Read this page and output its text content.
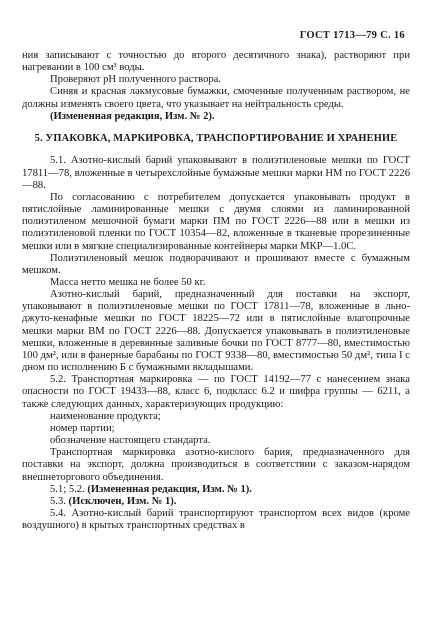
ГОСТ 1713—79 С. 16

ния записывают с точностью до второго десятичного знака), растворяют при нагревании в 100 см³ воды.

Проверяют pH полученного раствора.

Синяя и красная лакмусовые бумажки, смоченные полученным раствором, не должны изменять своего цвета, что указывает на нейтральность среды.

(Измененная редакция, Изм. № 2).

5. УПАКОВКА, МАРКИРОВКА, ТРАНСПОРТИРОВАНИЕ И ХРАНЕНИЕ

5.1. Азотно-кислый барий упаковывают в полиэтиленовые мешки по ГОСТ 17811—78, вложенные в четырехслойные бумажные мешки марки НМ по ГОСТ 2226—88.

По согласованию с потребителем допускается упаковывать продукт в пятислойные ламинированные мешки с двумя слоями из ламинированной полиэтиленом мешочной бумаги марки ПМ по ГОСТ 2226—88 или в мешки из полиэтиленовой пленки по ГОСТ 10354—82, вложенные в тканевые прорезиненные мешки или в мягкие специализированные контейнеры марки МКР—1.0С.

Полиэтиленовый мешок подворачивают и прошивают вместе с бумажным мешком.

Масса нетто мешка не более 50 кг.

Азотно-кислый барий, предназначенный для поставки на экспорт, упаковывают в полиэтиленовые мешки по ГОСТ 17811—78, вложенные в льно-джуто-кенафные мешки по ГОСТ 18225—72 или в пятислойные влагопрочные мешки марки ВМ по ГОСТ 2226—88. Допускается упаковывать в полиэтиленовые мешки, вложенные в деревянные заливные бочки по ГОСТ 8777—80, вместимостью 100 дм², или в фанерные барабаны по ГОСТ 9338—80, вместимостью 50 дм², типа I с дном по исполнению Б с бумажными вкладышами.

5.2. Транспортная маркировка — по ГОСТ 14192—77 с нанесением знака опасности по ГОСТ 19433—88, класс 6, подкласс 6.2 и шифра группы — 6211, а также следующих данных, характеризующих продукцию:

наименование продукта;

номер партии;

обозначение настоящего стандарта.

Транспортная маркировка азотно-кислого бария, предназначенного для поставки на экспорт, должна производиться в соответствии с заказом-нарядом внешнеторгового объединения.

5.1; 5.2. (Измененная редакция, Изм. № 1).

5.3. (Исключен, Изм. № 1).

5.4. Азотно-кислый барий транспортируют транспортом всех видов (кроме воздушного) в крытых транспортных средствах в
